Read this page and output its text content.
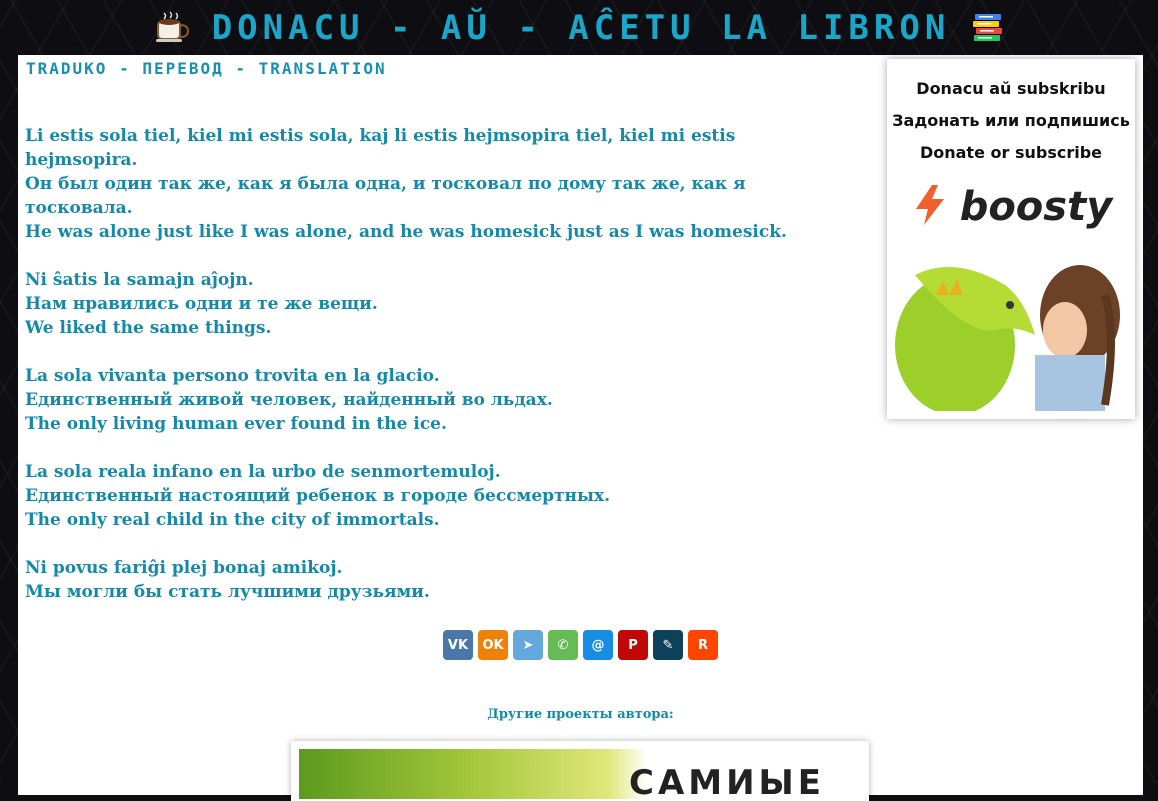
DONACU - AŬ - AĈETU LA LIBRON
TRADUKO - ПЕРЕВОД - TRANSLATION
Li estis sola tiel, kiel mi estis sola, kaj li estis hejmsopira tiel, kiel mi estis hejmsopira.
Он был один так же, как я была одна, и тосковал по дому так же, как я тосковала.
He was alone just like I was alone, and he was homesick just as I was homesick.
Ni ŝatis la samajn aĵojn.
Нам нравились одни и те же вещи.
We liked the same things.
La sola vivanta persono trovita en la glacio.
Единственный живой человек, найденный во льдах.
The only living human ever found in the ice.
La sola reala infano en la urbo de senmortemuloj.
Единственный настоящий ребенок в городе бессмертных.
The only real child in the city of immortals.
Ni povus fariĝi plej bonaj amikoj.
Мы могли бы стать лучшими друзьями.
Donacu aŭ subskribu
Задонать или подпишись
Donate or subscribe
boosty
VK	OK	➤	✆	@	P	✎	R
Другие проекты автора:
САМИЫЕ
